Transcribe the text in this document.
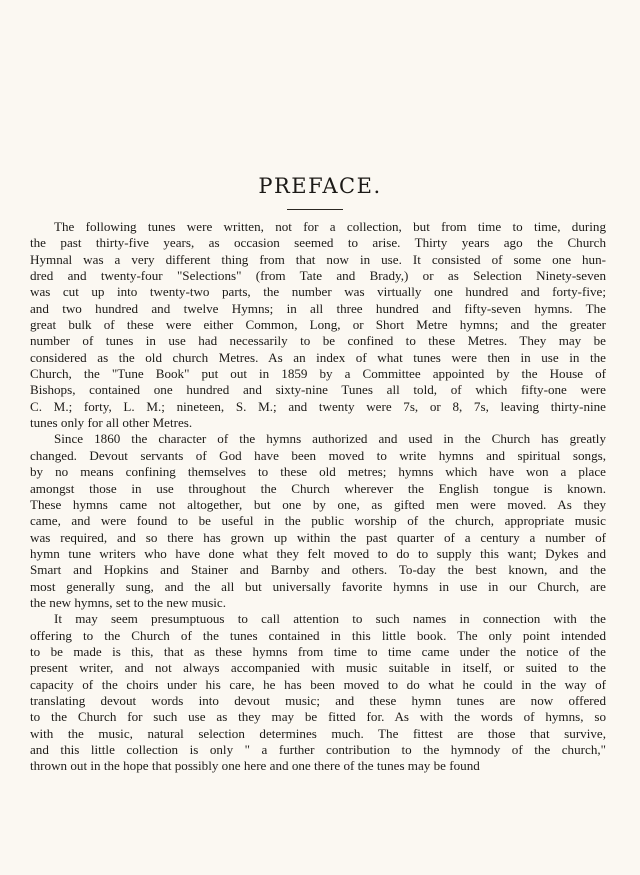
PREFACE.

The following tunes were written, not for a collection, but from time to time, during
the past thirty-five years, as occasion seemed to arise. Thirty years ago the Church
Hymnal was a very different thing from that now in use. It consisted of some one hun-
dred and twenty-four "Selections" (from Tate and Brady,) or as Selection Ninety-seven
was cut up into twenty-two parts, the number was virtually one hundred and forty-five;
and two hundred and twelve Hymns; in all three hundred and fifty-seven hymns. The
great bulk of these were either Common, Long, or Short Metre hymns; and the greater
number of tunes in use had necessarily to be confined to these Metres. They may be
considered as the old church Metres. As an index of what tunes were then in use in the
Church, the "Tune Book" put out in 1859 by a Committee appointed by the House of
Bishops, contained one hundred and sixty-nine Tunes all told, of which fifty-one were
C. M.; forty, L. M.; nineteen, S. M.; and twenty were 7s, or 8, 7s, leaving thirty-nine
tunes only for all other Metres.

Since 1860 the character of the hymns authorized and used in the Church has greatly
changed. Devout servants of God have been moved to write hymns and spiritual songs,
by no means confining themselves to these old metres; hymns which have won a place
amongst those in use throughout the Church wherever the English tongue is known.
These hymns came not altogether, but one by one, as gifted men were moved. As they
came, and were found to be useful in the public worship of the church, appropriate music
was required, and so there has grown up within the past quarter of a century a number of
hymn tune writers who have done what they felt moved to do to supply this want; Dykes and
Smart and Hopkins and Stainer and Barnby and others. To-day the best known, and the
most generally sung, and the all but universally favorite hymns in use in our Church, are
the new hymns, set to the new music.

It may seem presumptuous to call attention to such names in connection with the
offering to the Church of the tunes contained in this little book. The only point intended
to be made is this, that as these hymns from time to time came under the notice of the
present writer, and not always accompanied with music suitable in itself, or suited to the
capacity of the choirs under his care, he has been moved to do what he could in the way of
translating devout words into devout music; and these hymn tunes are now offered
to the Church for such use as they may be fitted for. As with the words of hymns, so
with the music, natural selection determines much. The fittest are those that survive,
and this little collection is only " a further contribution to the hymnody of the church,"
thrown out in the hope that possibly one here and one there of the tunes may be found
